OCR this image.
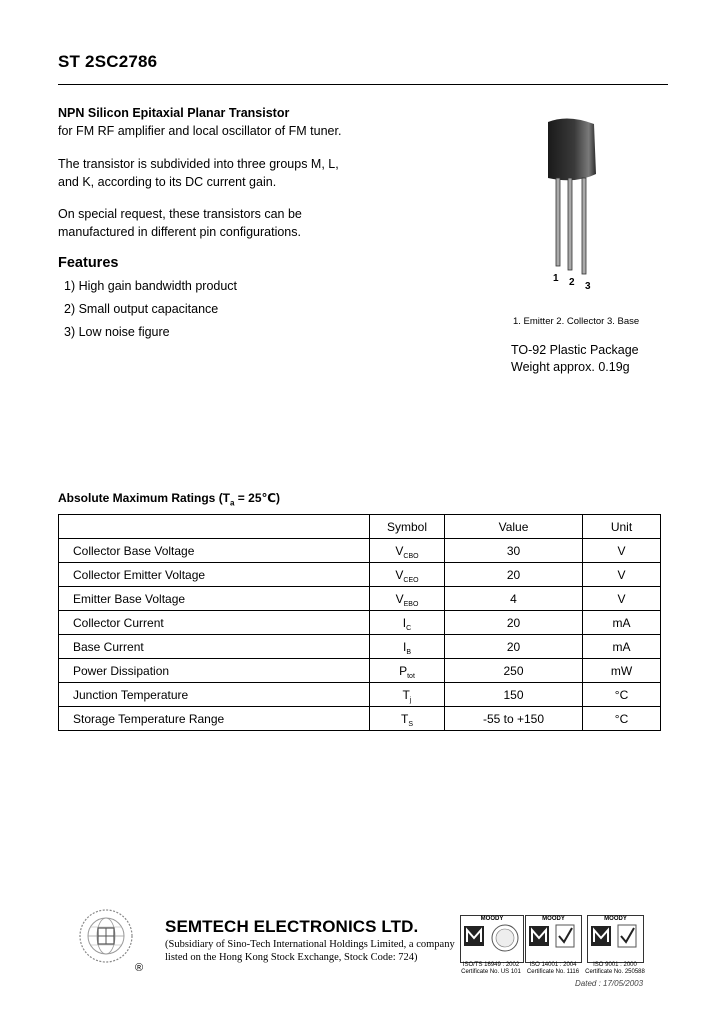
ST 2SC2786
NPN Silicon Epitaxial Planar Transistor
for FM RF amplifier and local oscillator of FM tuner.
The transistor is subdivided into three groups M, L,
and K, according to its DC current gain.
On special request, these transistors can be
manufactured in different pin configurations.
Features
1) High gain bandwidth product
2) Small output capacitance
3) Low noise figure
1 2 3
1. Emitter 2. Collector 3. Base
TO-92 Plastic Package
Weight approx. 0.19g
Absolute Maximum Ratings ($T_a$ = 25℃)
	Symbol	Value	Unit
Collector Base Voltage	$V_{CBO}$	30	V
Collector Emitter Voltage	$V_{CEO}$	20	V
Emitter Base Voltage	$V_{EBO}$	4	V
Collector Current	$I_C$	20	mA
Base Current	$I_B$	20	mA
Power Dissipation	$P_{tot}$	250	mW
Junction Temperature	$T_j$	150	°C
Storage Temperature Range	$T_S$	-55 to +150	°C
®
SEMTECH ELECTRONICS LTD.
(Subsidiary of Sino-Tech International Holdings Limited, a company
listed on the Hong Kong Stock Exchange, Stock Code: 724)
MOODY	MOODY	MOODY
ISO/TS 16949 : 2002
Certificate No. US 101
ISO 14001 : 2004
Certificate No. 1116
ISO 9001 : 2000
Certificate No. 250588
Dated : 17/05/2003
